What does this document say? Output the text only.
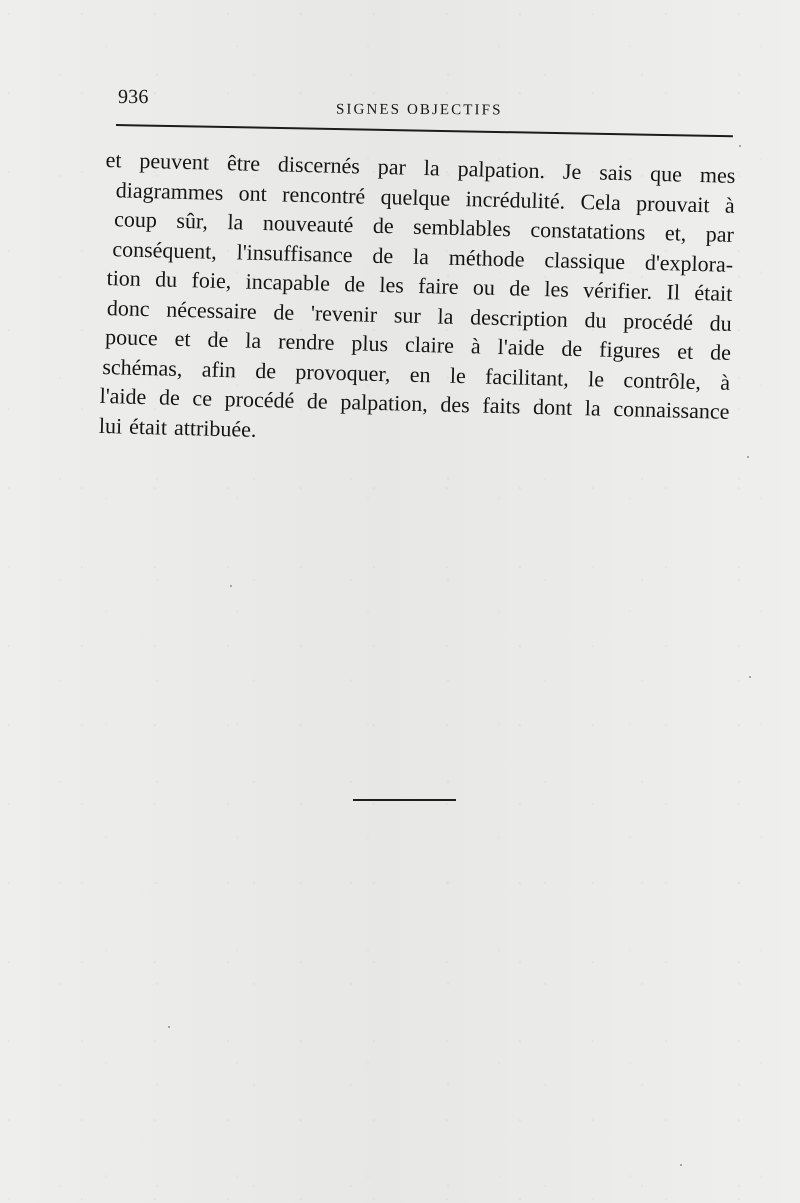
936
SIGNES OBJECTIFS
et peuvent être discernés par la palpation. Je sais que mes
diagrammes ont rencontré quelque incrédulité. Cela prouvait à
coup sûr, la nouveauté de semblables constatations et, par
conséquent, l'insuffisance de la méthode classique d'explora-
tion du foie, incapable de les faire ou de les vérifier. Il était
donc nécessaire de 'revenir sur la description du procédé du
pouce et de la rendre plus claire à l'aide de figures et de
schémas, afin de provoquer, en le facilitant, le contrôle, à
l'aide de ce procédé de palpation, des faits dont la connaissance
lui était attribuée.
